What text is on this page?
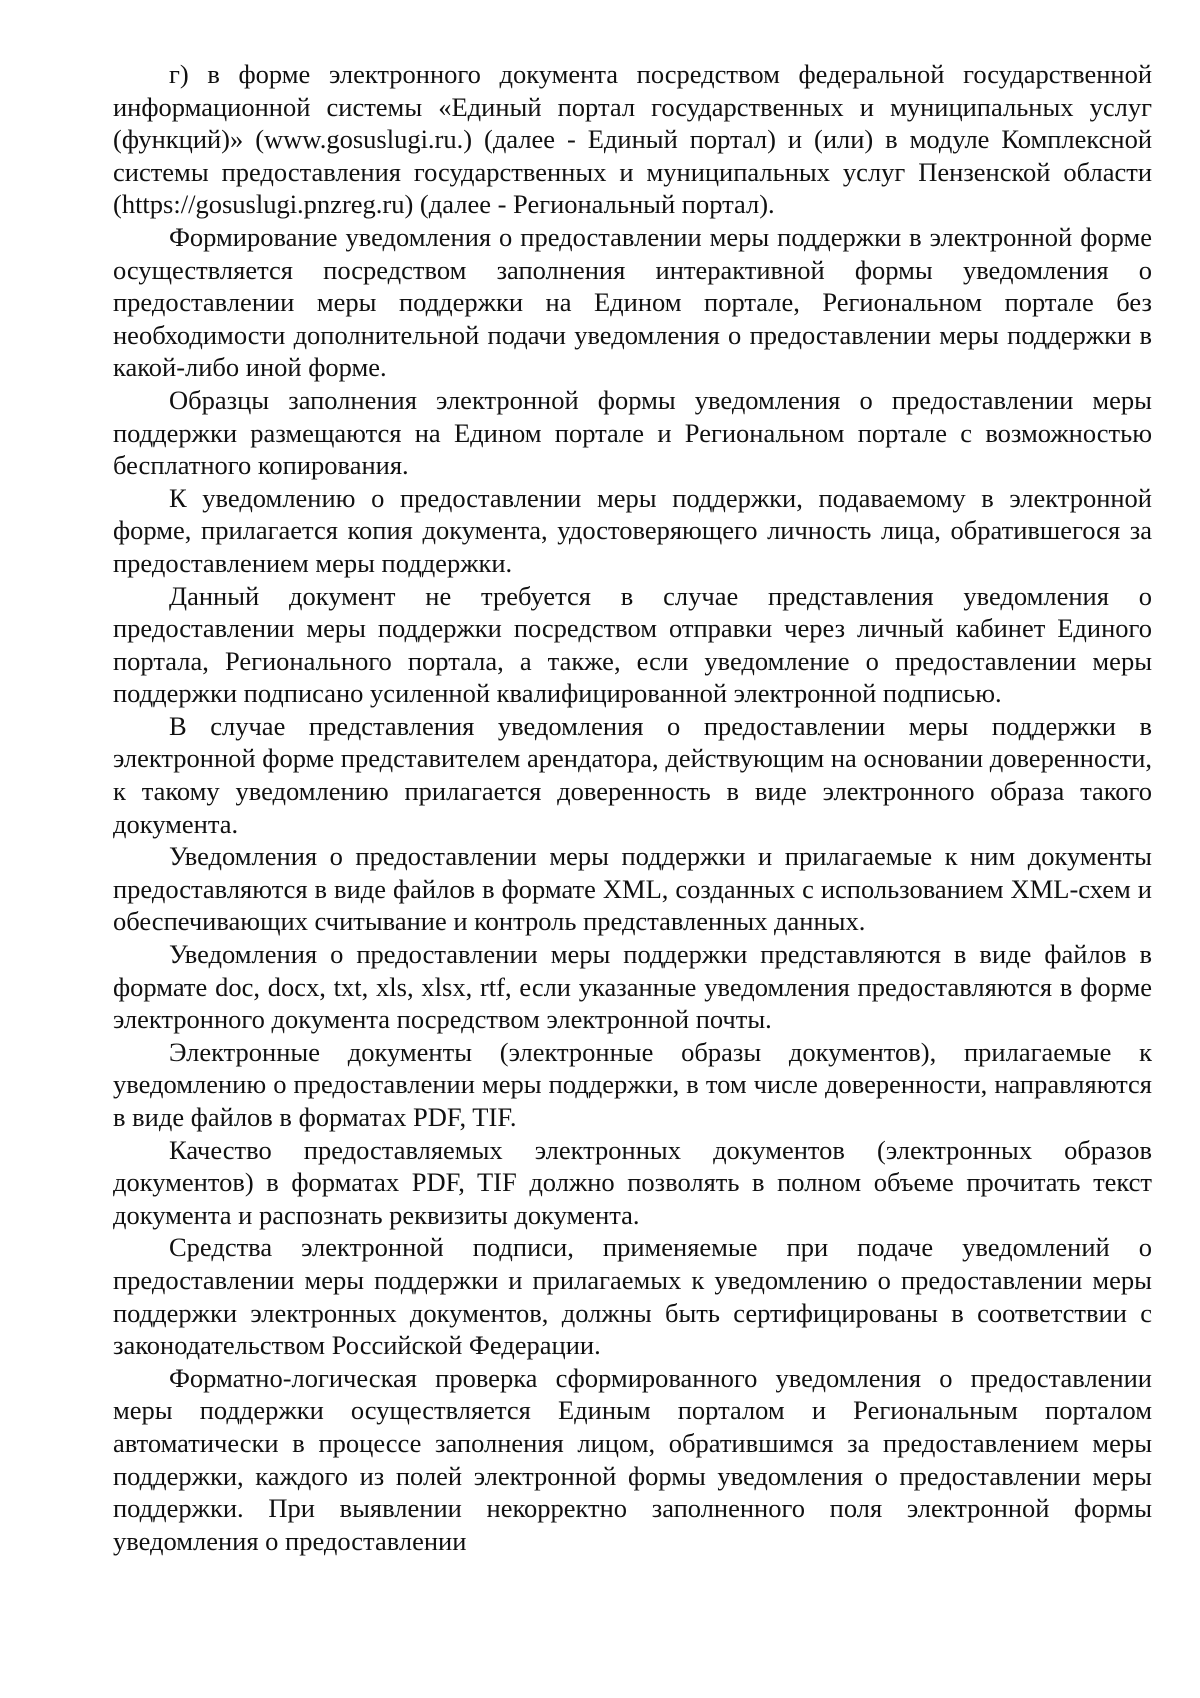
г) в форме электронного документа посредством федеральной государственной информационной системы «Единый портал государственных и муниципальных услуг (функций)» (www.gosuslugi.ru.) (далее - Единый портал) и (или) в модуле Комплексной системы предоставления государственных и муниципальных услуг Пензенской области (https://gosuslugi.pnzreg.ru) (далее - Региональный портал).

Формирование уведомления о предоставлении меры поддержки в электронной форме осуществляется посредством заполнения интерактивной формы уведомления о предоставлении меры поддержки на Едином портале, Региональном портале без необходимости дополнительной подачи уведомления о предоставлении меры поддержки в какой-либо иной форме.

Образцы заполнения электронной формы уведомления о предоставлении меры поддержки размещаются на Едином портале и Региональном портале с возможностью бесплатного копирования.

К уведомлению о предоставлении меры поддержки, подаваемому в электронной форме, прилагается копия документа, удостоверяющего личность лица, обратившегося за предоставлением меры поддержки.

Данный документ не требуется в случае представления уведомления о предоставлении меры поддержки посредством отправки через личный кабинет Единого портала, Регионального портала, а также, если уведомление о предоставлении меры поддержки подписано усиленной квалифицированной электронной подписью.

В случае представления уведомления о предоставлении меры поддержки в электронной форме представителем арендатора, действующим на основании доверенности, к такому уведомлению прилагается доверенность в виде электронного образа такого документа.

Уведомления о предоставлении меры поддержки и прилагаемые к ним документы предоставляются в виде файлов в формате XML, созданных с использованием XML-схем и обеспечивающих считывание и контроль представленных данных.

Уведомления о предоставлении меры поддержки представляются в виде файлов в формате doc, docx, txt, xls, xlsx, rtf, если указанные уведомления предоставляются в форме электронного документа посредством электронной почты.

Электронные документы (электронные образы документов), прилагаемые к уведомлению о предоставлении меры поддержки, в том числе доверенности, направляются в виде файлов в форматах PDF, TIF.

Качество предоставляемых электронных документов (электронных образов документов) в форматах PDF, TIF должно позволять в полном объеме прочитать текст документа и распознать реквизиты документа.

Средства электронной подписи, применяемые при подаче уведомлений о предоставлении меры поддержки и прилагаемых к уведомлению о предоставлении меры поддержки электронных документов, должны быть сертифицированы в соответствии с законодательством Российской Федерации.

Форматно-логическая проверка сформированного уведомления о предоставлении меры поддержки осуществляется Единым порталом и Региональным порталом автоматически в процессе заполнения лицом, обратившимся за предоставлением меры поддержки, каждого из полей электронной формы уведомления о предоставлении меры поддержки. При выявлении некорректно заполненного поля электронной формы уведомления о предоставлении
